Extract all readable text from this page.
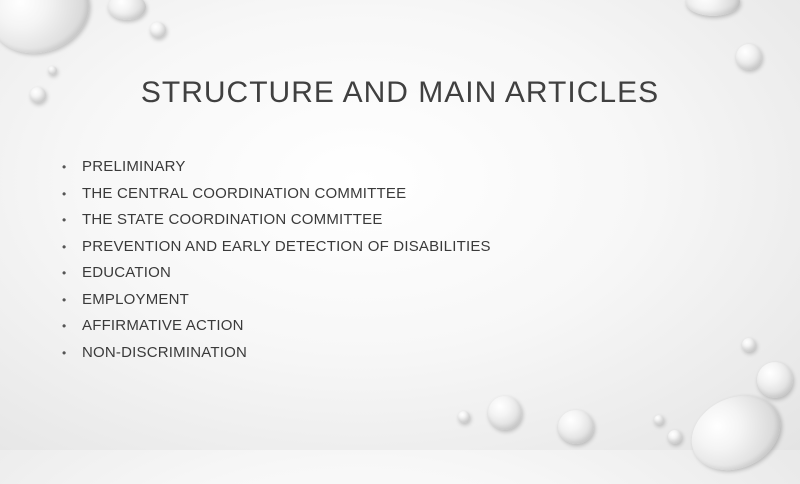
STRUCTURE AND MAIN ARTICLES
• PRELIMINARY
• THE CENTRAL COORDINATION COMMITTEE
• THE STATE COORDINATION COMMITTEE
• PREVENTION AND EARLY DETECTION OF DISABILITIES
• EDUCATION
• EMPLOYMENT
• AFFIRMATIVE ACTION
• NON-DISCRIMINATION
